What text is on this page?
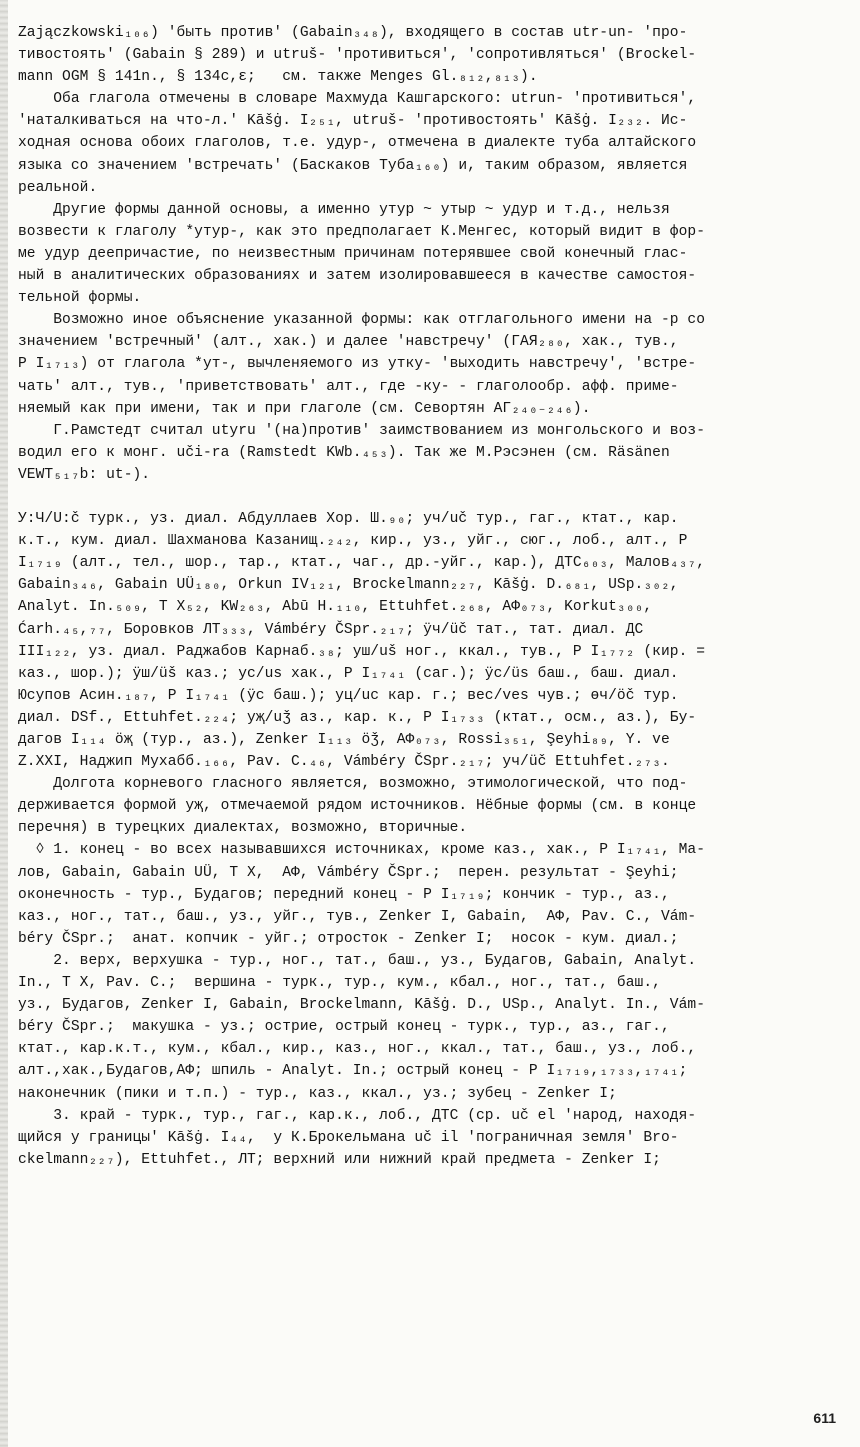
Zajączkowski₁₀₆) 'быть против' (Gabain₃₄₈), входящего в состав utr-un- 'про-
тивостоять' (Gabain § 289) и utruš- 'противиться', 'сопротивляться' (Brockel-
mann OGM § 141n., § 134c,ε;   см. также Menges Gl.₈₁₂,₈₁₃).
Оба глагола отмечены в словаре Махмуда Кашгарского: utrun- 'противиться',
'наталкиваться на что-л.' Kāšġ. I₂₅₁, utruš- 'противостоять' Kāšġ. I₂₃₂. Ис-
ходная основа обоих глаголов, т.е. удур-, отмечена в диалекте туба алтайского
языка со значением 'встречать' (Баскаков Туба₁₆₀) и, таким образом, является
реальной.
Другие формы данной основы, а именно утур ~ утыр ~ удур и т.д., нельзя
возвести к глаголу *утур-, как это предполагает К.Менгес, который видит в фор-
ме удур деепричастие, по неизвестным причинам потерявшее свой конечный глас-
ный в аналитических образованиях и затем изолировавшееся в качестве самостоя-
тельной формы.
Возможно иное объяснение указанной формы: как отглагольного имени на -р со
значением 'встречный' (алт., хак.) и далее 'навстречу' (ГАЯ₂₈₀, хак., тув.,
P I₁₇₁₃) от глагола *ут-, вычленяемого из утку- 'выходить навстречу', 'встре-
чать' алт., тув., 'приветствовать' алт., где -ку- - глаголообр. афф. приме-
няемый как при имени, так и при глаголе (см. Севортян АГ₂₄₀₋₂₄₆).
Г.Рамстедт считал utyru '(на)против' заимствованием из монгольского и воз-
водил его к монг. uči-ra (Ramstedt KWb.₄₅₃). Так же М.Рэсэнен (см. Räsänen
VEWT₅₁₇b: ut-).
У:Ч/U:č турк., уз. диал. Абдуллаев Хор. Ш.₉₀; уч/uč тур., гаг., ктат., кар.
к.т., кум. диал. Шахманова Казанищ.₂₄₂, кир., уз., уйг., сюг., лоб., алт., P
I₁₇₁₉ (алт., тел., шор., тар., ктат., чаг., др.-уйг., кар.), ДТС₆₀₃, Малов₄₃₇,
Gabain₃₄₆, Gabain UÜ₁₈₀, Orkun IV₁₂₁, Brockelmann₂₂₇, Kāšġ. D.₆₈₁, USp.₃₀₂,
Analyt. In.₅₀₉, T X₅₂, KW₂₆₃, Abū H.₁₁₀, Ettuhfet.₂₆₈, АФ₀₇₃, Korkut₃₀₀,
Ćarh.₄₅,₇₇, Боровков ЛТ₃₃₃, Vámbéry ČSpr.₂₁₇; ӱч/üč тат., тат. диал. ДС
III₁₂₂, уз. диал. Раджабов Карнаб.₃₈; уш/uš ног., ккал., тув., P I₁₇₇₂ (кир. =
каз., шор.); ӱш/üš каз.; ус/us хак., P I₁₇₄₁ (саг.); ӱс/üs баш., баш. диал.
Юсупов Асин.₁₈₇, P I₁₇₄₁ (ӱс баш.); уц/uc кар. г.; вес/ves чув.; өч/öč тур.
диал. DSf., Ettuhfet.₂₂₄; уҗ/uǯ аз., кар. к., P I₁₇₃₃ (ктат., осм., аз.), Бу-
дагов I₁₁₄ ӧҗ (тур., аз.), Zenker I₁₁₃ öǯ, АФ₀₇₃, Rossi₃₅₁, Şeyhi₈₉, Y. ve
Z.XXI, Наджип Мухабб.₁₆₆, Pav. C.₄₆, Vámbéry ČSpr.₂₁₇; уч/üč Ettuhfet.₂₇₃.
Долгота корневого гласного является, возможно, этимологической, что под-
держивается формой уҗ, отмечаемой рядом источников. Нёбные формы (см. в конце
перечня) в турецких диалектах, возможно, вторичные.
◊ 1. конец - во всех называвшихся источниках, кроме каз., хак., P I₁₇₄₁, Ма-
лов, Gabain, Gabain UÜ, T X,  АФ, Vámbéry ČSpr.;  перен. результат - Şeyhi;
оконечность - тур., Будагов; передний конец - P I₁₇₁₉; кончик - тур., аз.,
каз., ног., тат., баш., уз., уйг., тув., Zenker I, Gabain,  АФ, Pav. C., Vám-
béry ČSpr.;  анат. копчик - уйг.; отросток - Zenker I;  носок - кум. диал.;
2. верх, верхушка - тур., ног., тат., баш., уз., Будагов, Gabain, Analyt.
In., T X, Pav. C.;  вершина - турк., тур., кум., кбал., ног., тат., баш.,
уз., Будагов, Zenker I, Gabain, Brockelmann, Kāšġ. D., USp., Analyt. In., Vám-
béry ČSpr.;  макушка - уз.; острие, острый конец - турк., тур., аз., гаг.,
ктат., кар.к.т., кум., кбал., кир., каз., ног., ккал., тат., баш., уз., лоб.,
алт.,хак.,Будагов,АФ; шпиль - Analyt. In.; острый конец - P I₁₇₁₉,₁₇₃₃,₁₇₄₁;
наконечник (пики и т.п.) - тур., каз., ккал., уз.; зубец - Zenker I;
3. край - турк., тур., гаг., кар.к., лоб., ДТС (ср. uč el 'народ, находя-
щийся у границы' Kāšġ. I₄₄,  у К.Брокельмана uč il 'пограничная земля' Bro-
ckelmann₂₂₇), Ettuhfet., ЛТ; верхний или нижний край предмета - Zenker I;
611
